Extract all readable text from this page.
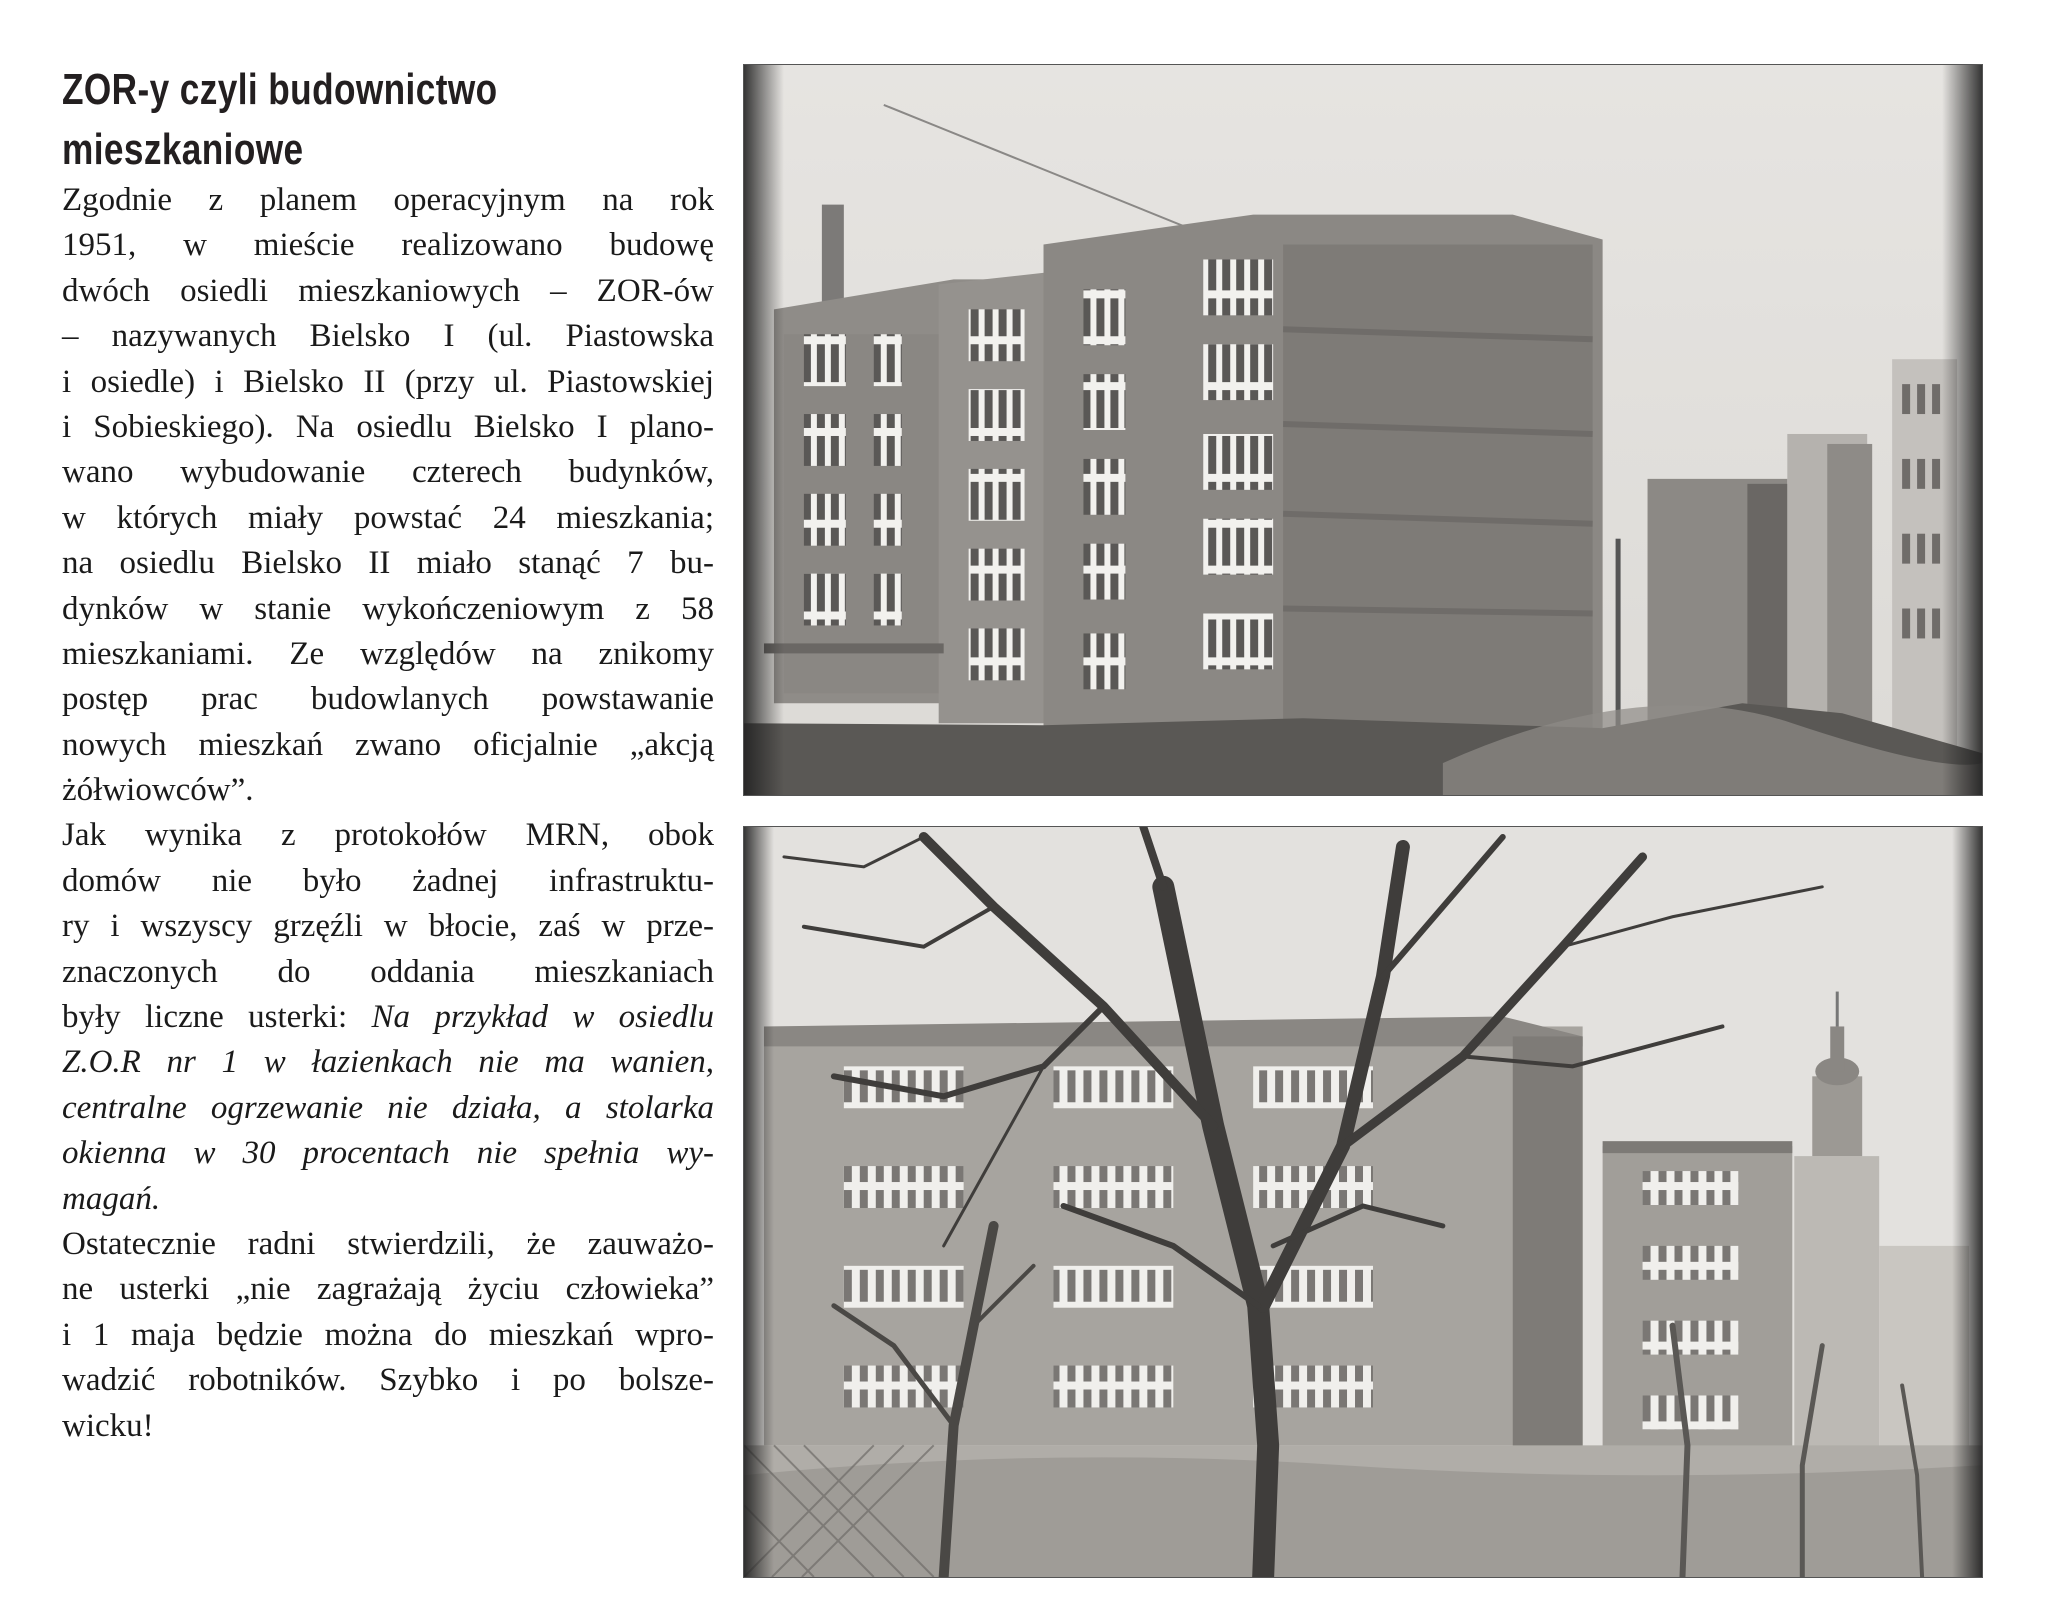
ZOR-y czyli budownictwo
mieszkaniowe
Zgodnie z planem operacyjnym na rok
1951, w mieście realizowano budowę
dwóch osiedli mieszkaniowych – ZOR-ów
– nazywanych Bielsko I (ul. Piastowska
i osiedle) i Bielsko II (przy ul. Piastowskiej
i Sobieskiego). Na osiedlu Bielsko I plano-
wano wybudowanie czterech budynków,
w których miały powstać 24 mieszkania;
na osiedlu Bielsko II miało stanąć 7 bu-
dynków w stanie wykończeniowym z 58
mieszkaniami. Ze względów na znikomy
postęp prac budowlanych powstawanie
nowych mieszkań zwano oficjalnie „akcją
żółwiowców”.
Jak wynika z protokołów MRN, obok
domów nie było żadnej infrastruktu-
ry i wszyscy grzęźli w błocie, zaś w prze-
znaczonych do oddania mieszkaniach
były liczne usterki: Na przykład w osiedlu
Z.O.R nr 1 w łazienkach nie ma wanien,
centralne ogrzewanie nie działa, a stolarka
okienna w 30 procentach nie spełnia wy-
magań.
Ostatecznie radni stwierdzili, że zauważo-
ne usterki „nie zagrażają życiu człowieka”
i 1 maja będzie można do mieszkań wpro-
wadzić robotników. Szybko i po bolsze-
wicku!
